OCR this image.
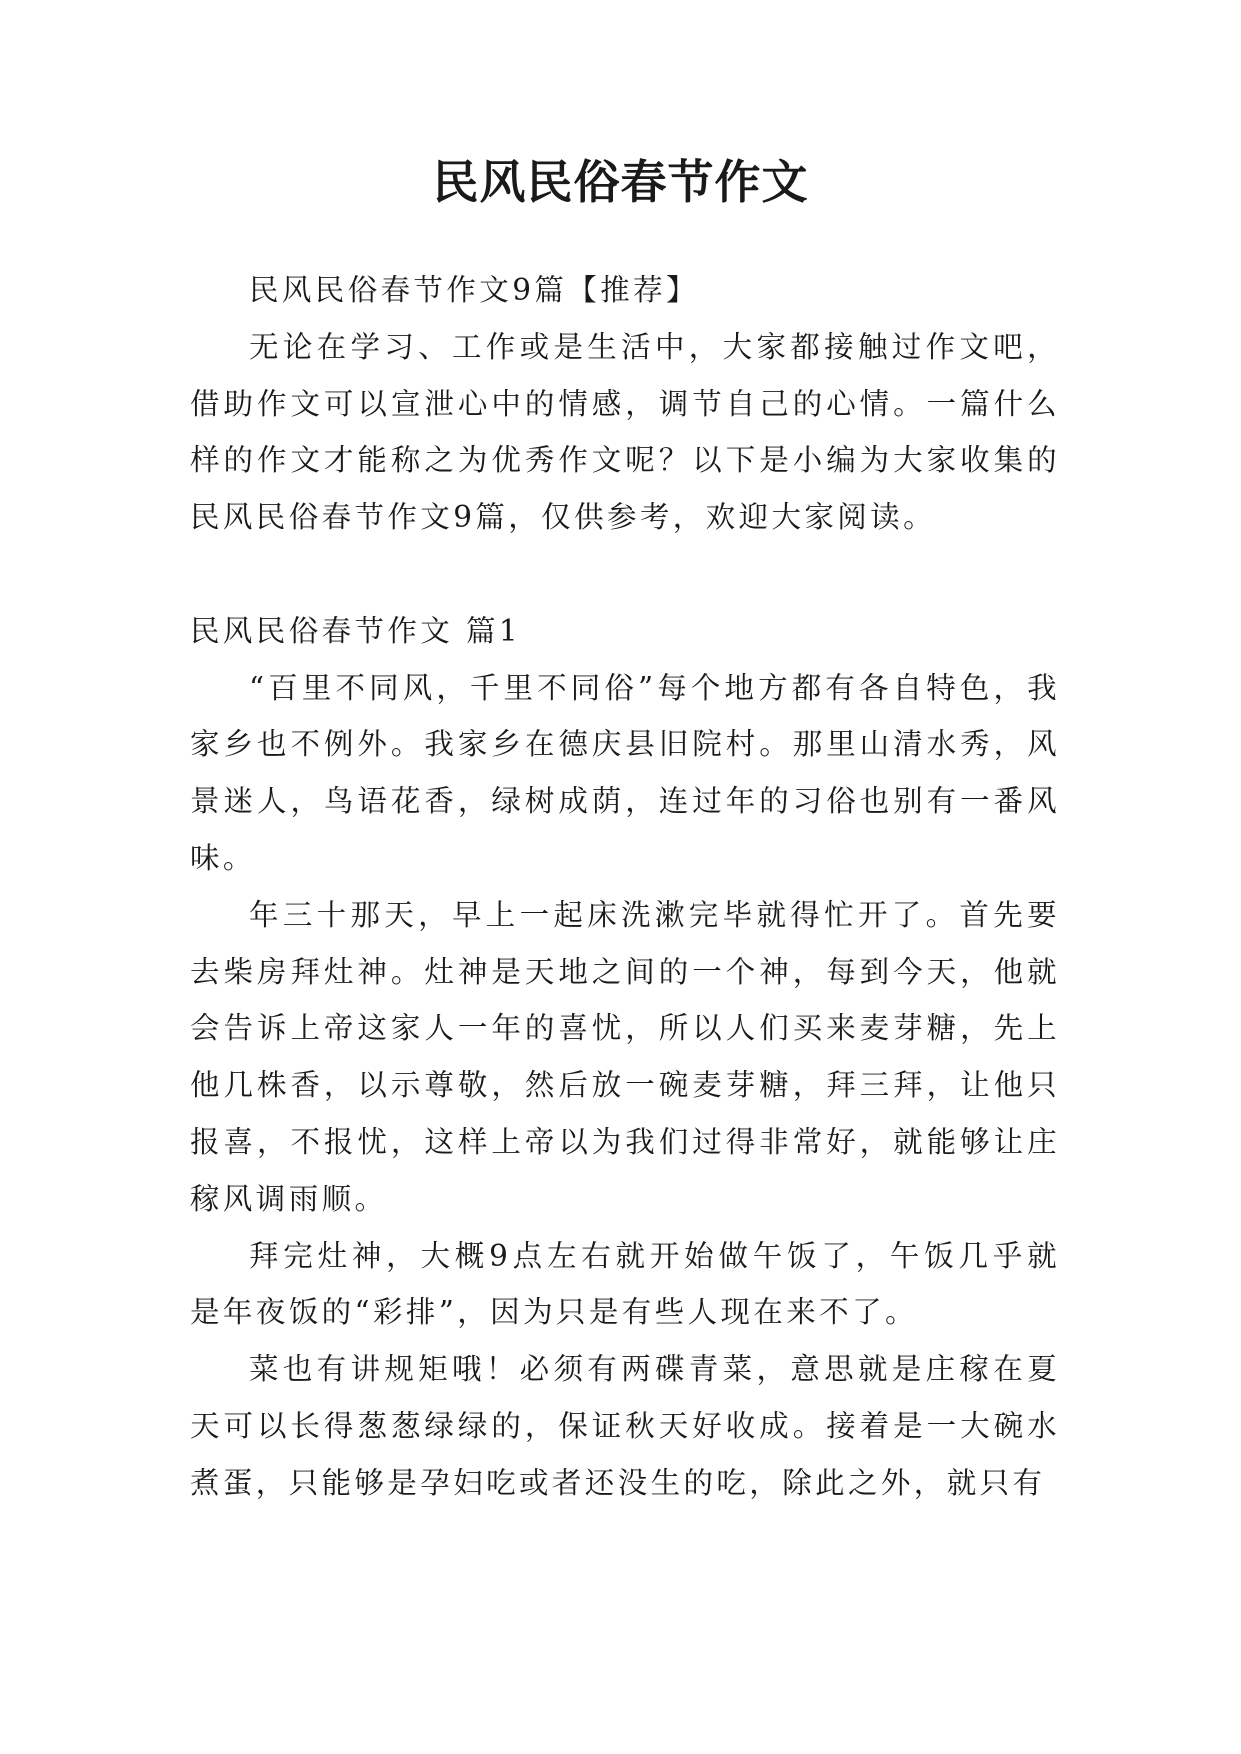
民风民俗春节作文

民风民俗春节作文9篇【推荐】

无论在学习、工作或是生活中，大家都接触过作文吧，借助作文可以宣泄心中的情感，调节自己的心情。一篇什么样的作文才能称之为优秀作文呢？以下是小编为大家收集的民风民俗春节作文9篇，仅供参考，欢迎大家阅读。

民风民俗春节作文 篇1

“百里不同风，千里不同俗”每个地方都有各自特色，我家乡也不例外。我家乡在德庆县旧院村。那里山清水秀，风景迷人，鸟语花香，绿树成荫，连过年的习俗也别有一番风味。

年三十那天，早上一起床洗漱完毕就得忙开了。首先要去柴房拜灶神。灶神是天地之间的一个神，每到今天，他就会告诉上帝这家人一年的喜忧，所以人们买来麦芽糖，先上他几株香，以示尊敬，然后放一碗麦芽糖，拜三拜，让他只报喜，不报忧，这样上帝以为我们过得非常好，就能够让庄稼风调雨顺。

拜完灶神，大概9点左右就开始做午饭了，午饭几乎就是年夜饭的“彩排”，因为只是有些人现在来不了。

菜也有讲规矩哦！必须有两碟青菜，意思就是庄稼在夏天可以长得葱葱绿绿的，保证秋天好收成。接着是一大碗水煮蛋，只能够是孕妇吃或者还没生的吃，除此之外，就只有
